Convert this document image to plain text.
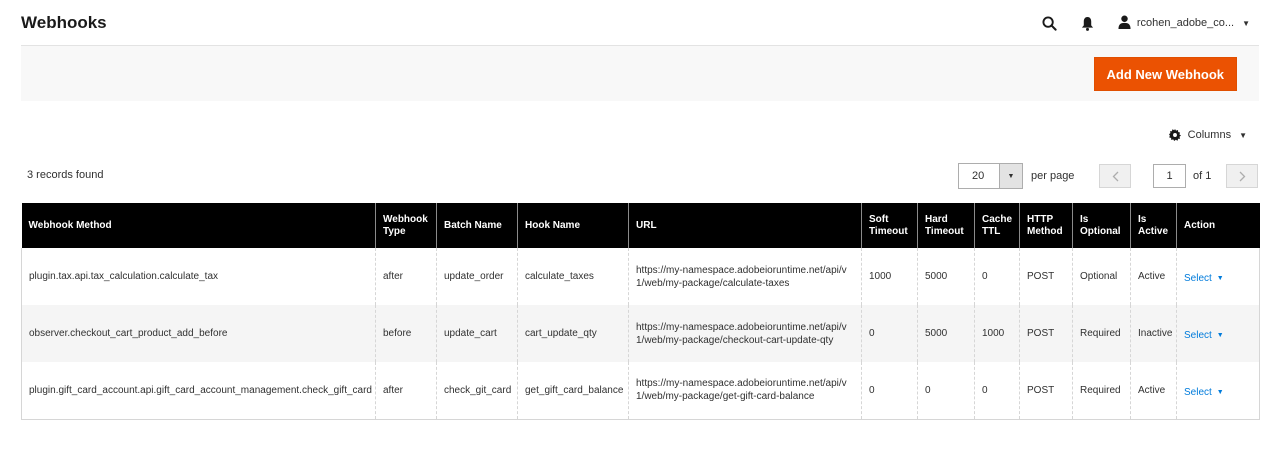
Webhooks	rcohen_adobe_co... ▼
Add New Webhook
Columns ▼
3 records found	20	▼	per page	1	of 1
Webhook Method	Webhook Type	Batch Name	Hook Name	URL	Soft Timeout	Hard Timeout	Cache TTL	HTTP Method	Is Optional	Is Active	Action
plugin.tax.api.tax_calculation.calculate_tax	after	update_order	calculate_taxes	https://my-namespace.adobeioruntime.net/api/v1/web/my-package/calculate-taxes	1000	5000	0	POST	Optional	Active	Select ▼

observer.checkout_cart_product_add_before	before	update_cart	cart_update_qty	https://my-namespace.adobeioruntime.net/api/v1/web/my-package/checkout-cart-update-qty	0	5000	1000	POST	Required	Inactive	Select ▼

plugin.gift_card_account.api.gift_card_account_management.check_gift_card	after	check_git_card	get_gift_card_balance	https://my-namespace.adobeioruntime.net/api/v1/web/my-package/get-gift-card-balance	0	0	0	POST	Required	Active	Select ▼
